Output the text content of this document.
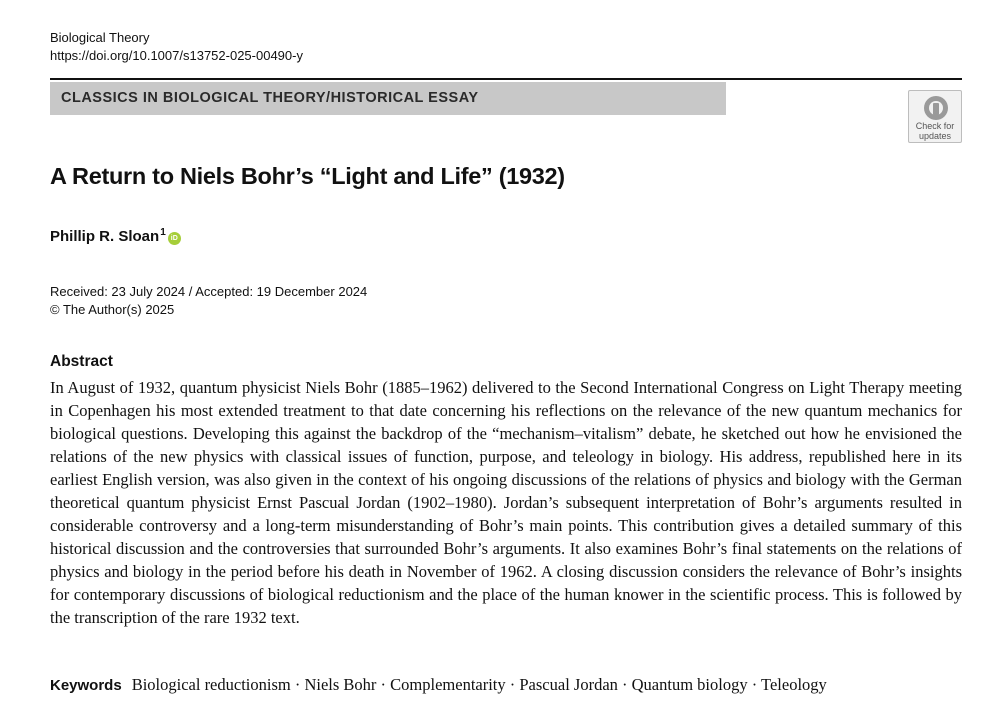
Biological Theory
https://doi.org/10.1007/s13752-025-00490-y
CLASSICS IN BIOLOGICAL THEORY/HISTORICAL ESSAY
Check for
updates
A Return to Niels Bohr’s “Light and Life” (1932)
Phillip R. Sloan$^1$iD
Received: 23 July 2024 / Accepted: 19 December 2024
© The Author(s) 2025
Abstract

In August of 1932, quantum physicist Niels Bohr (1885–1962) delivered to the Second International Congress on Light Therapy meeting in Copenhagen his most extended treatment to that date concerning his reflections on the relevance of the new quantum mechanics for biological questions. Developing this against the backdrop of the “mechanism–vitalism” debate, he sketched out how he envisioned the relations of the new physics with classical issues of function, purpose, and teleology in biology. His address, republished here in its earliest English version, was also given in the context of his ongoing discussions of the relations of physics and biology with the German theoretical quantum physicist Ernst Pascual Jordan (1902–1980). Jordan’s subsequent interpretation of Bohr’s arguments resulted in considerable controversy and a long-term misunderstanding of Bohr’s main points. This contribution gives a detailed summary of this historical discussion and the controversies that surrounded Bohr’s arguments. It also examines Bohr’s final statements on the relations of physics and biology in the period before his death in November of 1962. A closing discussion considers the relevance of Bohr’s insights for contemporary discussions of biological reductionism and the place of the human knower in the scientific process. This is followed by the transcription of the rare 1932 text.

Keywords Biological reductionism · Niels Bohr · Complementarity · Pascual Jordan · Quantum biology · Teleology
